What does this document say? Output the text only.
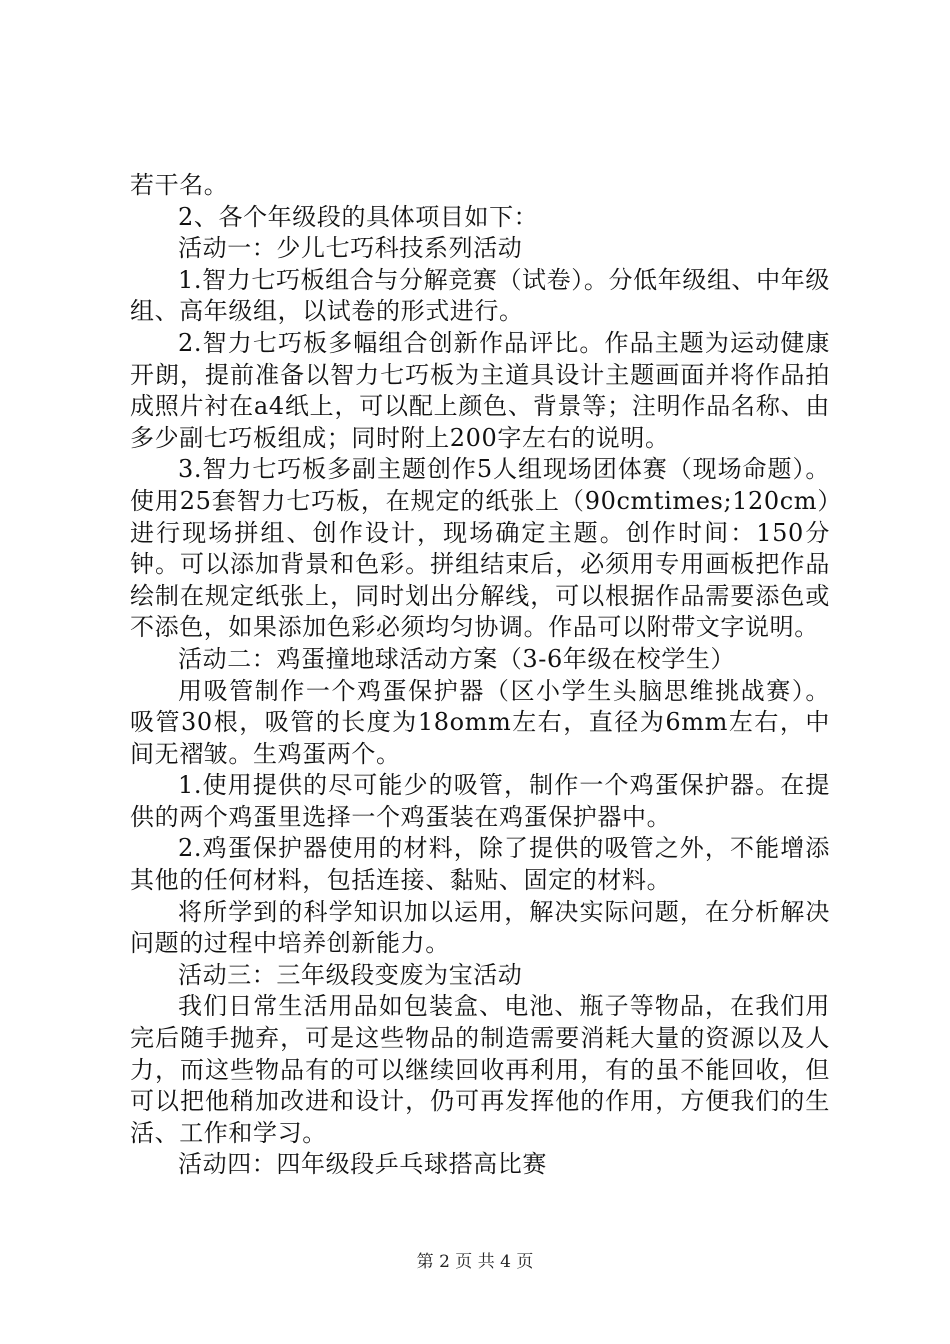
若干名。

2、各个年级段的具体项目如下：

活动一：少儿七巧科技系列活动

1.智力七巧板组合与分解竞赛（试卷）。分低年级组、中年级组、高年级组，以试卷的形式进行。

2.智力七巧板多幅组合创新作品评比。作品主题为运动健康开朗，提前准备以智力七巧板为主道具设计主题画面并将作品拍成照片衬在a4纸上，可以配上颜色、背景等；注明作品名称、由多少副七巧板组成；同时附上200字左右的说明。

3.智力七巧板多副主题创作5人组现场团体赛（现场命题）。使用25套智力七巧板，在规定的纸张上（90cmtimes;120cm）进行现场拼组、创作设计，现场确定主题。创作时间：150分钟。可以添加背景和色彩。拼组结束后，必须用专用画板把作品绘制在规定纸张上，同时划出分解线，可以根据作品需要添色或不添色，如果添加色彩必须均匀协调。作品可以附带文字说明。

活动二：鸡蛋撞地球活动方案（3-6年级在校学生）

用吸管制作一个鸡蛋保护器（区小学生头脑思维挑战赛）。吸管30根，吸管的长度为18omm左右，直径为6mm左右，中间无褶皱。生鸡蛋两个。

1.使用提供的尽可能少的吸管，制作一个鸡蛋保护器。在提供的两个鸡蛋里选择一个鸡蛋装在鸡蛋保护器中。

2.鸡蛋保护器使用的材料，除了提供的吸管之外，不能增添其他的任何材料，包括连接、黏贴、固定的材料。

将所学到的科学知识加以运用，解决实际问题，在分析解决问题的过程中培养创新能力。

活动三：三年级段变废为宝活动

我们日常生活用品如包装盒、电池、瓶子等物品，在我们用完后随手抛弃，可是这些物品的制造需要消耗大量的资源以及人力，而这些物品有的可以继续回收再利用，有的虽不能回收，但可以把他稍加改进和设计，仍可再发挥他的作用，方便我们的生活、工作和学习。

活动四：四年级段乒乓球搭高比赛

第 2 页 共 4 页
